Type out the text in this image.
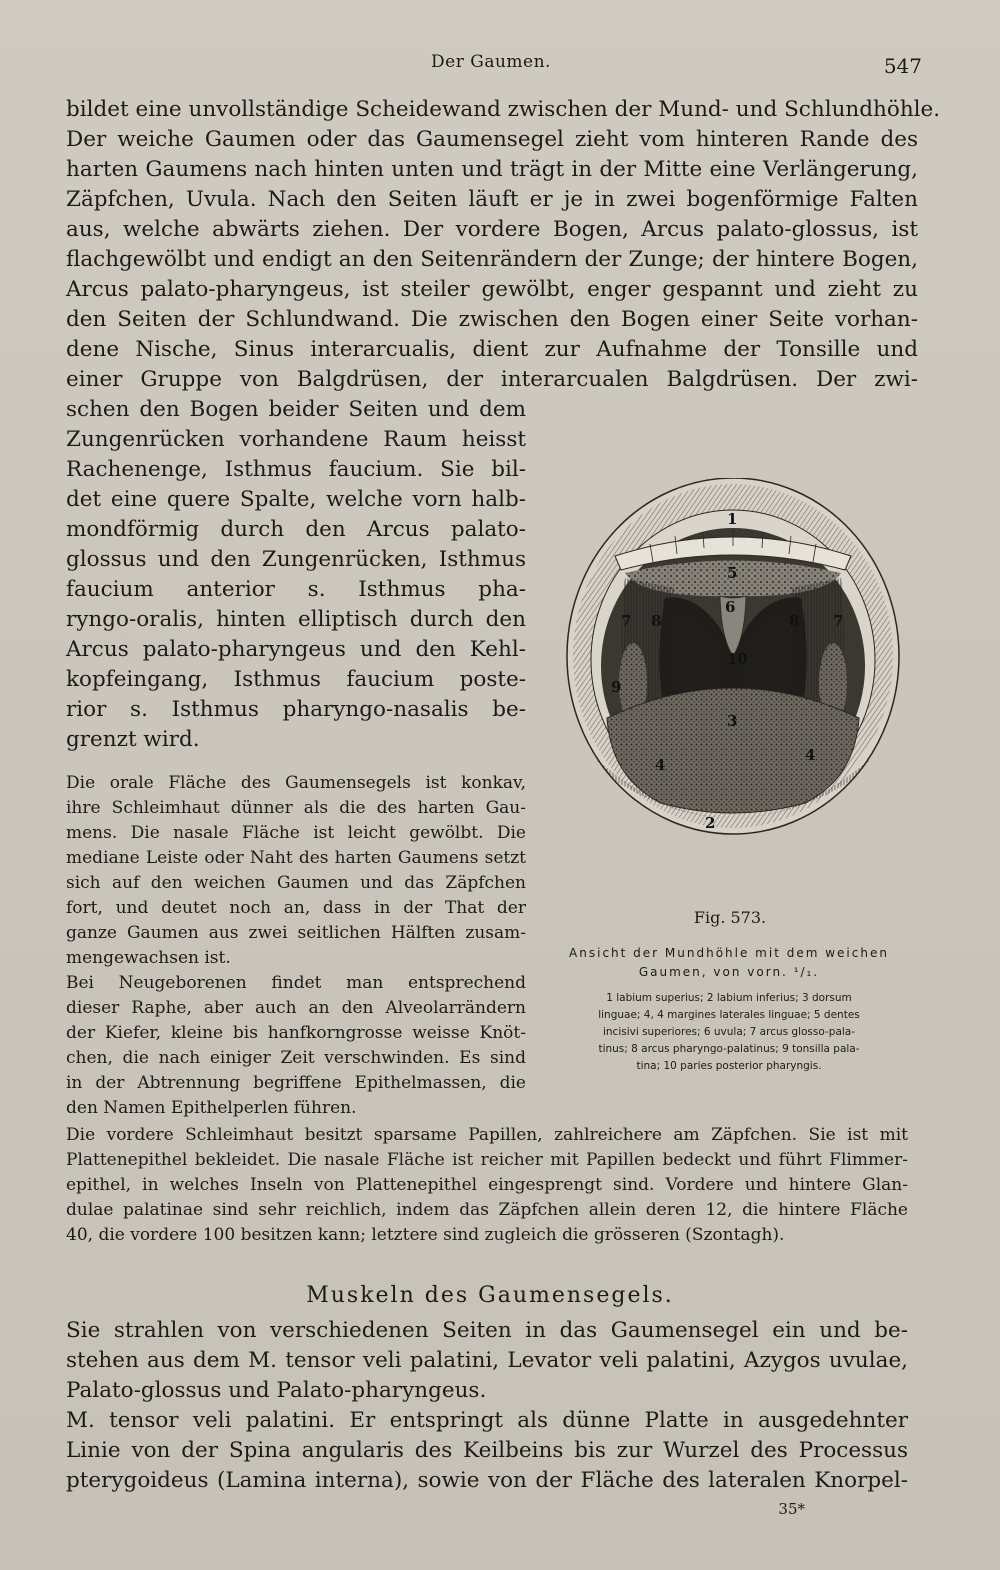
Der Gaumen.	547

bildet eine unvollständige Scheidewand zwischen der Mund- und Schlundhöhle.

Der weiche Gaumen oder das Gaumensegel zieht vom hinteren Rande des

harten Gaumens nach hinten unten und trägt in der Mitte eine Verlängerung,

Zäpfchen, Uvula. Nach den Seiten läuft er je in zwei bogenförmige Falten

aus, welche abwärts ziehen. Der vordere Bogen, Arcus palato-glossus, ist

flachgewölbt und endigt an den Seitenrändern der Zunge; der hintere Bogen,

Arcus palato-pharyngeus, ist steiler gewölbt, enger gespannt und zieht zu

den Seiten der Schlundwand. Die zwischen den Bogen einer Seite vorhan-

dene Nische, Sinus interarcualis, dient zur Aufnahme der Tonsille und

einer Gruppe von Balgdrüsen, der interarcualen Balgdrüsen. Der zwi-

schen den Bogen beider Seiten und dem

Zungenrücken vorhandene Raum heisst

Rachenenge, Isthmus faucium. Sie bil-

det eine quere Spalte, welche vorn halb-

mondförmig durch den Arcus palato-

glossus und den Zungenrücken, Isthmus

faucium anterior s. Isthmus pha-

ryngo-oralis, hinten elliptisch durch den

Arcus palato-pharyngeus und den Kehl-

kopfeingang, Isthmus faucium poste-

rior s. Isthmus pharyngo-nasalis be-

grenzt wird.

Die orale Fläche des Gaumensegels ist konkav,

ihre Schleimhaut dünner als die des harten Gau-

mens. Die nasale Fläche ist leicht gewölbt. Die

mediane Leiste oder Naht des harten Gaumens setzt

sich auf den weichen Gaumen und das Zäpfchen

fort, und deutet noch an, dass in der That der

ganze Gaumen aus zwei seitlichen Hälften zusam-

mengewachsen ist.

Bei Neugeborenen findet man entsprechend

dieser Raphe, aber auch an den Alveolarrändern

der Kiefer, kleine bis hanfkorngrosse weisse Knöt-

chen, die nach einiger Zeit verschwinden. Es sind

in der Abtrennung begriffene Epithelmassen, die

den Namen Epithelperlen führen.

Die vordere Schleimhaut besitzt sparsame Papillen, zahlreichere am Zäpfchen. Sie ist mit

Plattenepithel bekleidet. Die nasale Fläche ist reicher mit Papillen bedeckt und führt Flimmer-

epithel, in welches Inseln von Plattenepithel eingesprengt sind. Vordere und hintere Glan-

dulae palatinae sind sehr reichlich, indem das Zäpfchen allein deren 12, die hintere Fläche

40, die vordere 100 besitzen kann; letztere sind zugleich die grösseren (Szontagh).

Sie strahlen von verschiedenen Seiten in das Gaumensegel ein und be-

stehen aus dem M. tensor veli palatini, Levator veli palatini, Azygos uvulae,

Palato-glossus und Palato-pharyngeus.

M. tensor veli palatini. Er entspringt als dünne Platte in ausgedehnter

Linie von der Spina angularis des Keilbeins bis zur Wurzel des Processus

pterygoideus (Lamina interna), sowie von der Fläche des lateralen Knorpel-

1
2
3
4
4
5
6
7	7
8	8
9
10
Fig. 573.
Ansicht der Mundhöhle mit dem weichen
Gaumen, von vorn. ¹/₁.
1 labium superius; 2 labium inferius; 3 dorsum
linguae; 4, 4 margines laterales linguae; 5 dentes
incisivi superiores; 6 uvula; 7 arcus glosso-pala-
tinus; 8 arcus pharyngo-palatinus; 9 tonsilla pala-
tina; 10 paries posterior pharyngis.
Muskeln des Gaumensegels.
35*
